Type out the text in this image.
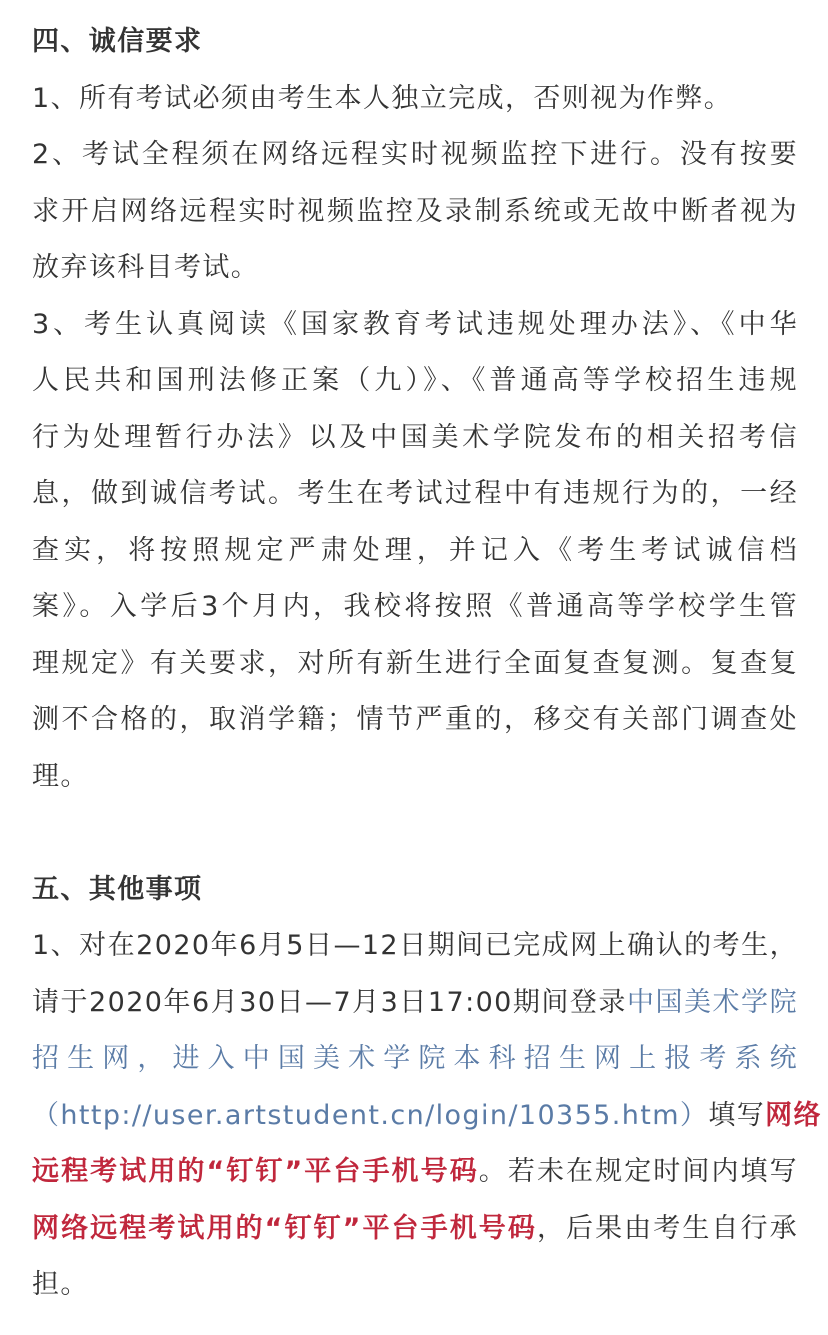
四、诚信要求
1、所有考试必须由考生本人独立完成，否则视为作弊。
2、考试全程须在网络远程实时视频监控下进行。没有按要
求开启网络远程实时视频监控及录制系统或无故中断者视为
放弃该科目考试。
3、考生认真阅读《国家教育考试违规处理办法》、《中华
人民共和国刑法修正案（九）》、《普通高等学校招生违规
行为处理暂行办法》以及中国美术学院发布的相关招考信
息，做到诚信考试。考生在考试过程中有违规行为的，一经
查实，将按照规定严肃处理，并记入《考生考试诚信档
案》。入学后3个月内，我校将按照《普通高等学校学生管
理规定》有关要求，对所有新生进行全面复查复测。复查复
测不合格的，取消学籍；情节严重的，移交有关部门调查处
理。
五、其他事项
1、对在2020年6月5日—12日期间已完成网上确认的考生，
请于2020年6月30日—7月3日17:00期间登录中国美术学院
招生网，进入中国美术学院本科招生网上报考系统
（http://user.artstudent.cn/login/10355.htm）填写网络
远程考试用的“钉钉”平台手机号码。若未在规定时间内填写
网络远程考试用的“钉钉”平台手机号码，后果由考生自行承
担。
